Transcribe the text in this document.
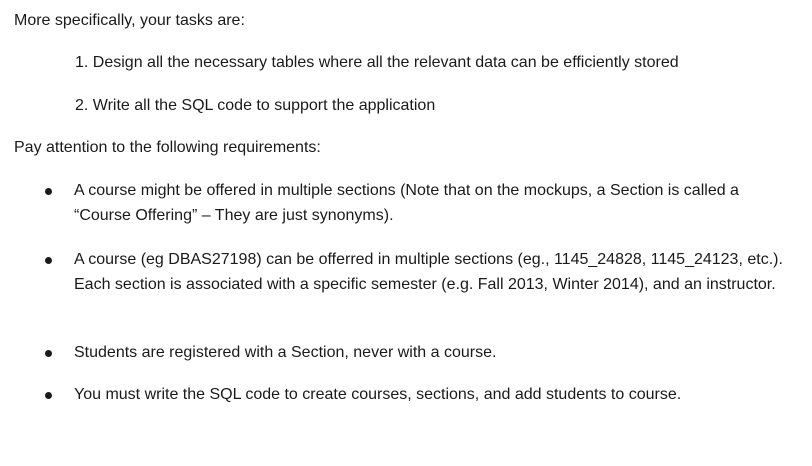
More specifically, your tasks are:

1. Design all the necessary tables where all the relevant data can be efficiently stored

2. Write all the SQL code to support the application

Pay attention to the following requirements:

A course might be offered in multiple sections (Note that on the mockups, a Section is called a “Course Offering” – They are just synonyms).

A course (eg DBAS27198) can be offerred in multiple sections (eg., 1145_24828, 1145_24123, etc.). Each section is associated with a specific semester (e.g. Fall 2013, Winter 2014), and an instructor.

Students are registered with a Section, never with a course.

You must write the SQL code to create courses, sections, and add students to course.
